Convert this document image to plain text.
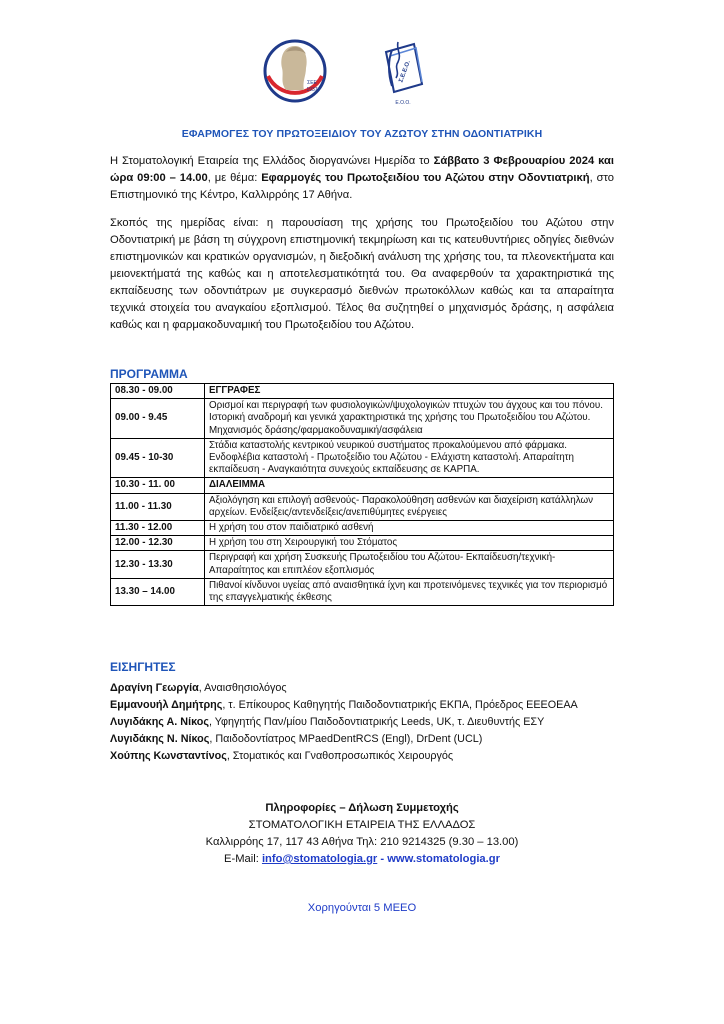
ΣΕΕ
1937
Σ.Ε.Ε.Ο.
Ε.Ο.Ο.
ΕΦΑΡΜΟΓΕΣ ΤΟΥ ΠΡΩΤΟΞΕΙΔΙΟΥ ΤΟΥ ΑΖΩΤΟΥ ΣΤΗΝ ΟΔΟΝΤΙΑΤΡΙΚΗ
Η Στοματολογική Εταιρεία της Ελλάδος διοργανώνει Ημερίδα το Σάββατο 3 Φεβρουαρίου 2024 και ώρα 09:00 – 14.00, με θέμα: Εφαρμογές του Πρωτοξειδίου του Αζώτου στην Οδοντιατρική, στο Επιστημονικό της Κέντρο, Καλλιρρόης 17 Αθήνα.
Σκοπός της ημερίδας είναι: η παρουσίαση της χρήσης του Πρωτοξειδίου του Αζώτου στην Οδοντιατρική με βάση τη σύγχρονη επιστημονική τεκμηρίωση και τις κατευθυντήριες οδηγίες διεθνών επιστημονικών και κρατικών οργανισμών, η διεξοδική ανάλυση της χρήσης του, τα πλεονεκτήματα και μειονεκτήματά της καθώς και η αποτελεσματικότητά του. Θα αναφερθούν τα χαρακτηριστικά της εκπαίδευσης των οδοντιάτρων με συγκερασμό διεθνών πρωτοκόλλων καθώς και τα απαραίτητα τεχνικά στοιχεία του αναγκαίου εξοπλισμού. Τέλος θα συζητηθεί ο μηχανισμός δράσης, η ασφάλεια καθώς και η φαρμακοδυναμική του Πρωτοξειδίου του Αζώτου.
ΠΡΟΓΡΑΜΜΑ
08.30 - 09.00	ΕΓΓΡΑΦΕΣ
09.00 - 9.45	Ορισμοί και περιγραφή των φυσιολογικών/ψυχολογικών πτυχών του άγχους και του πόνου. Ιστορική αναδρομή και γενικά χαρακτηριστικά της χρήσης του Πρωτοξειδίου του Αζώτου. Μηχανισμός δράσης/φαρμακοδυναμική/ασφάλεια
09.45 - 10-30	Στάδια καταστολής κεντρικού νευρικού συστήματος προκαλούμενου από φάρμακα. Ενδοφλέβια καταστολή - Πρωτοξείδιο του Αζώτου - Ελάχιστη καταστολή. Απαραίτητη εκπαίδευση - Αναγκαιότητα συνεχούς εκπαίδευσης σε ΚΑΡΠΑ.
10.30 - 11. 00	ΔΙΑΛΕΙΜΜΑ
11.00 - 11.30	Αξιολόγηση και επιλογή ασθενούς- Παρακολούθηση ασθενών και διαχείριση κατάλληλων αρχείων. Ενδείξεις/αντενδείξεις/ανεπιθύμητες ενέργειες
11.30 - 12.00	Η χρήση του στον παιδιατρικό ασθενή
12.00 - 12.30	Η χρήση του στη Χειρουργική του Στόματος
12.30 - 13.30	Περιγραφή και χρήση Συσκευής Πρωτοξειδίου του Αζώτου- Εκπαίδευση/τεχνική- Απαραίτητος και επιπλέον εξοπλισμός
13.30 – 14.00	Πιθανοί κίνδυνοι υγείας από αναισθητικά ίχνη και προτεινόμενες τεχνικές για τον περιορισμό της επαγγελματικής έκθεσης
ΕΙΣΗΓΗΤΕΣ

Δραγίνη Γεωργία, Αναισθησιολόγος

Εμμανουήλ Δημήτρης, τ. Επίκουρος Καθηγητής Παιδοδοντιατρικής ΕΚΠΑ, Πρόεδρος ΕΕΕΟΕΑΑ

Λυγιδάκης Α. Νίκος, Υφηγητής Παν/μίου Παιδοδοντιατρικής Leeds, UK, τ. Διευθυντής ΕΣΥ

Λυγιδάκης Ν. Νίκος, Παιδοδοντίατρος MPaedDentRCS (Engl), DrDent (UCL)

Χούπης Κωνσταντίνος, Στοματικός και Γναθοπροσωπικός Χειρουργός

Πληροφορίες – Δήλωση Συμμετοχής
ΣΤΟΜΑΤΟΛΟΓΙΚΗ ΕΤΑΙΡΕΙΑ ΤΗΣ ΕΛΛΑΔΟΣ
Καλλιρρόης 17, 117 43 Αθήνα Τηλ: 210 9214325 (9.30 – 13.00)
E-Mail: info@stomatologia.gr - www.stomatologia.gr
Χορηγούνται 5 ΜΕΕΟ
